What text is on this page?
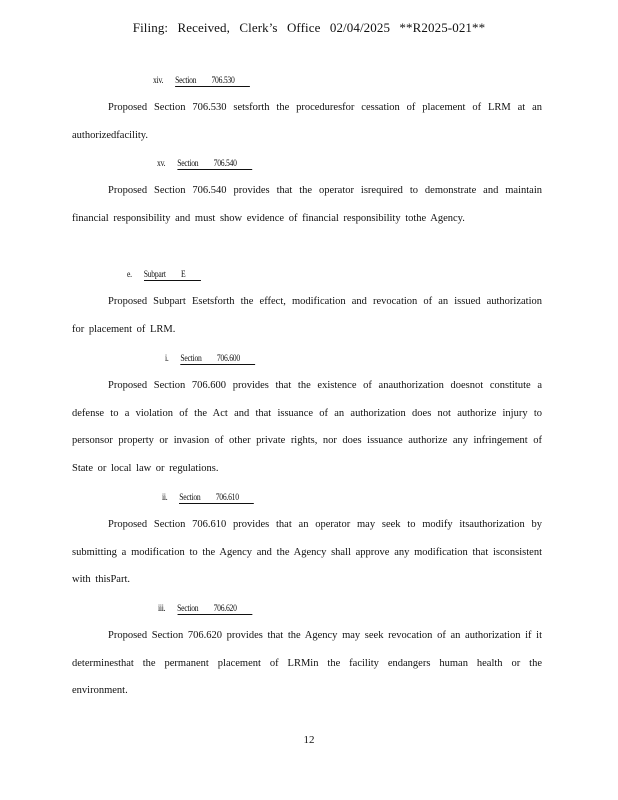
Filing: Received, Clerk’s Office 02/04/2025 **R2025-021**
xiv. Section 706.530

Proposed Section 706.530 setsforth the proceduresfor cessation of placement of LRM at an authorizedfacility.

xv. Section 706.540

Proposed Section 706.540 provides that the operator isrequired to demonstrate and maintain financial responsibility and must show evidence of financial responsibility tothe Agency.

e. Subpart E

Proposed Subpart Esetsforth the effect, modification and revocation of an issued authorization for placement of LRM.

i. Section 706.600

Proposed Section 706.600 provides that the existence of anauthorization doesnot constitute a defense to a violation of the Act and that issuance of an authorization does not authorize injury to personsor property or invasion of other private rights, nor does issuance authorize any infringement of State or local law or regulations.

ii. Section 706.610

Proposed Section 706.610 provides that an operator may seek to modify itsauthorization by submitting a modification to the Agency and the Agency shall approve any modification that isconsistent with thisPart.

iii. Section 706.620

Proposed Section 706.620 provides that the Agency may seek revocation of an authorization if it determinesthat the permanent placement of LRMin the facility endangers human health or the environment.

12
